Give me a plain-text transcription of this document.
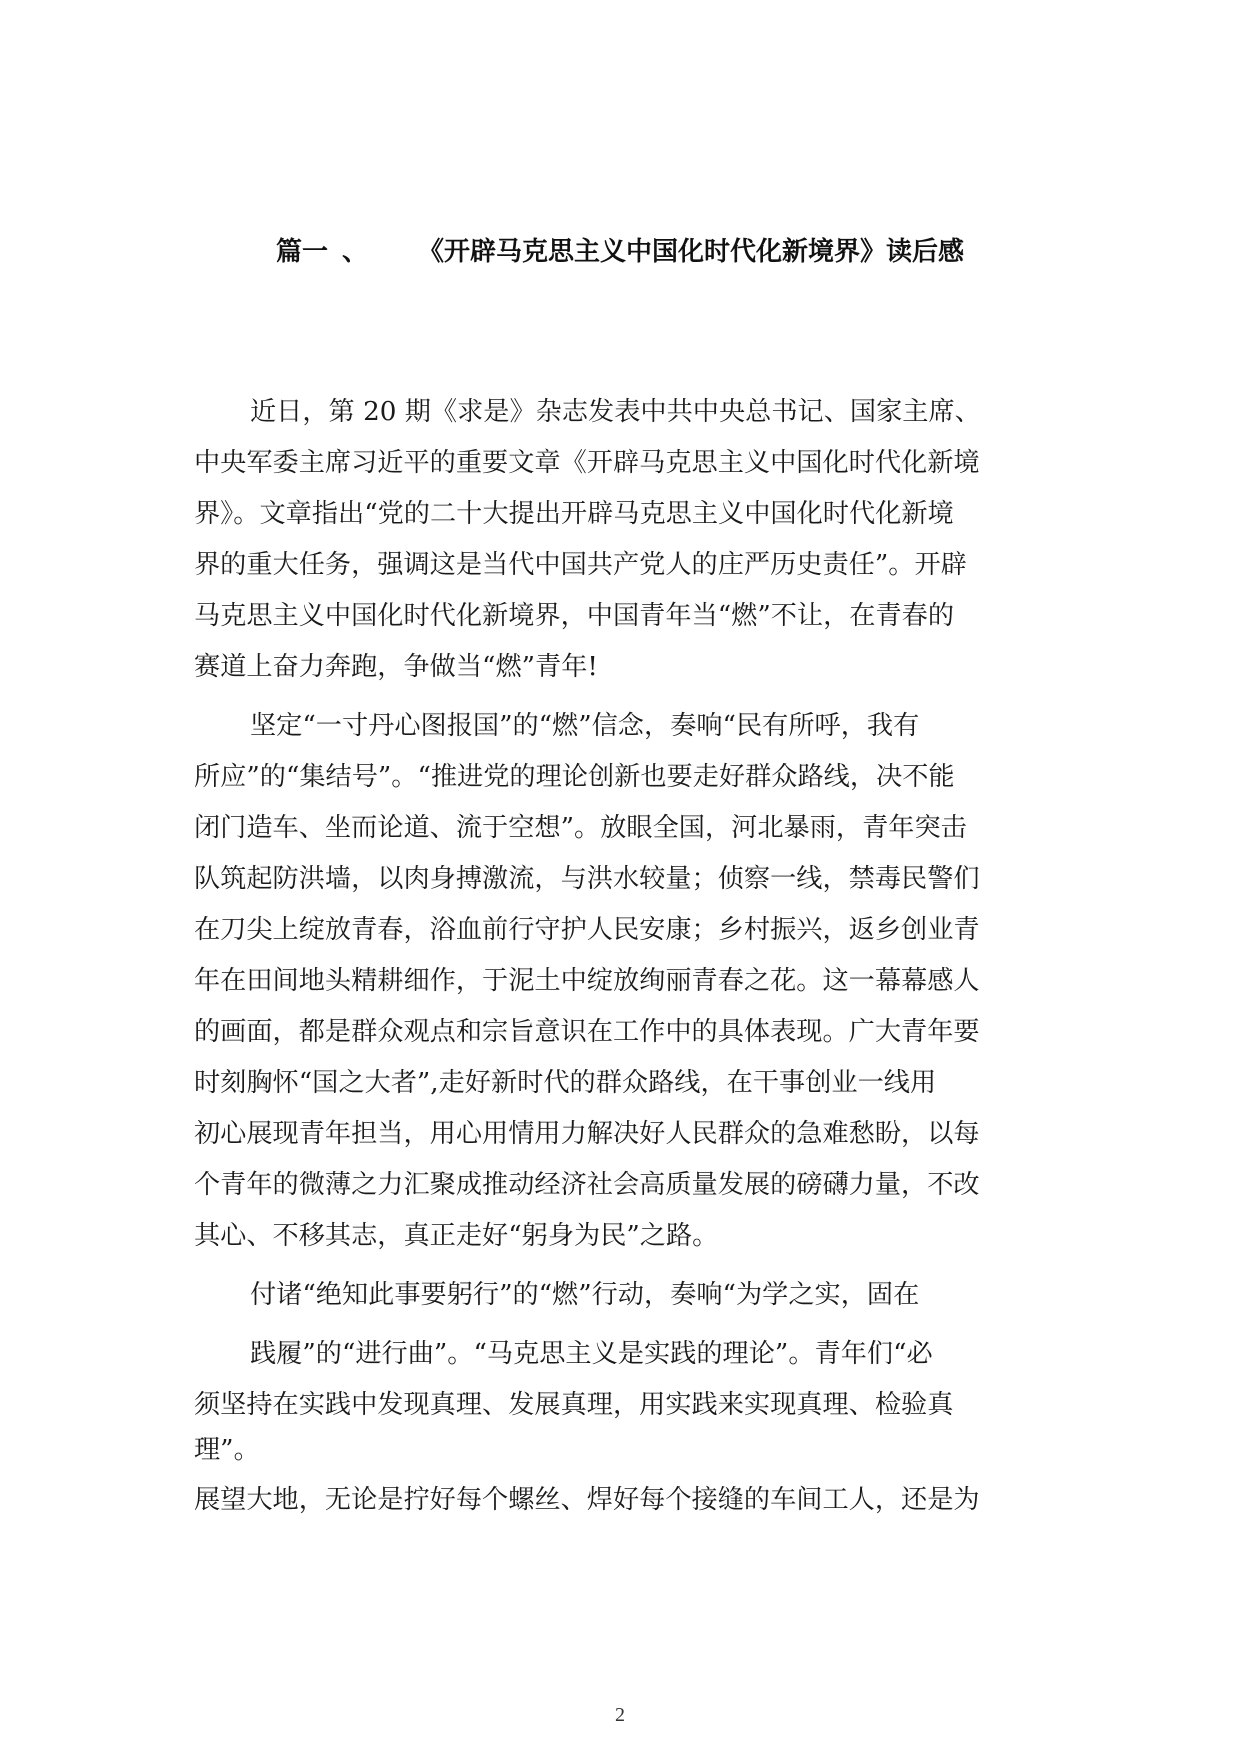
篇一 、 《开辟马克思主义中国化时代化新境界》读后感
近日，第 20 期《求是》杂志发表中共中央总书记、国家主席、
中央军委主席习近平的重要文章《开辟马克思主义中国化时代化新境
界》。文章指出“党的二十大提出开辟马克思主义中国化时代化新境
界的重大任务，强调这是当代中国共产党人的庄严历史责任”。开辟
马克思主义中国化时代化新境界，中国青年当“燃”不让，在青春的
赛道上奋力奔跑，争做当“燃”青年!
坚定“一寸丹心图报国”的“燃”信念，奏响“民有所呼，我有
所应”的“集结号”。“推进党的理论创新也要走好群众路线，决不能
闭门造车、坐而论道、流于空想”。放眼全国，河北暴雨，青年突击
队筑起防洪墙，以肉身搏激流，与洪水较量；侦察一线，禁毒民警们
在刀尖上绽放青春，浴血前行守护人民安康；乡村振兴，返乡创业青
年在田间地头精耕细作，于泥土中绽放绚丽青春之花。这一幕幕感人
的画面，都是群众观点和宗旨意识在工作中的具体表现。广大青年要
时刻胸怀“国之大者”,走好新时代的群众路线，在干事创业一线用
初心展现青年担当，用心用情用力解决好人民群众的急难愁盼，以每
个青年的微薄之力汇聚成推动经济社会高质量发展的磅礴力量，不改
其心、不移其志，真正走好“躬身为民”之路。
付诸“绝知此事要躬行”的“燃”行动，奏响“为学之实，固在
践履”的“进行曲”。“马克思主义是实践的理论”。青年们“必
须坚持在实践中发现真理、发展真理，用实践来实现真理、检验真
理”。
展望大地，无论是拧好每个螺丝、焊好每个接缝的车间工人，还是为
2
